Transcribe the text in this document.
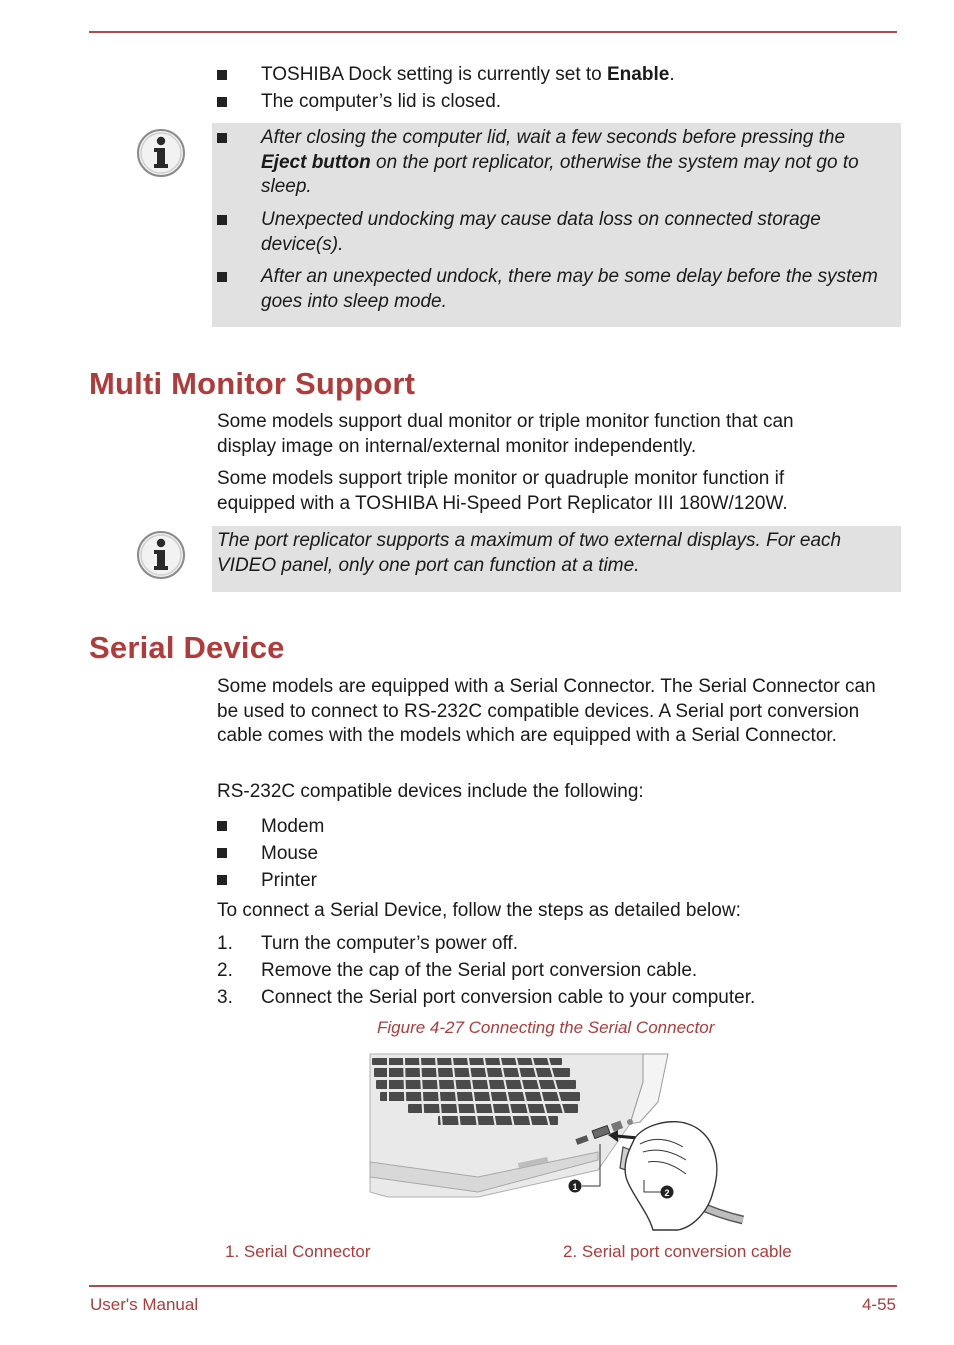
TOSHIBA Dock setting is currently set to Enable.
The computer’s lid is closed.
After closing the computer lid, wait a few seconds before pressing the Eject button on the port replicator, otherwise the system may not go to sleep.
Unexpected undocking may cause data loss on connected storage device(s).
After an unexpected undock, there may be some delay before the system goes into sleep mode.
Multi Monitor Support
Some models support dual monitor or triple monitor function that can display image on internal/external monitor independently.
Some models support triple monitor or quadruple monitor function if equipped with a TOSHIBA Hi-Speed Port Replicator III 180W/120W.
The port replicator supports a maximum of two external displays. For each VIDEO panel, only one port can function at a time.
Serial Device
Some models are equipped with a Serial Connector. The Serial Connector can be used to connect to RS-232C compatible devices. A Serial port conversion cable comes with the models which are equipped with a Serial Connector.
RS-232C compatible devices include the following:
Modem
Mouse
Printer
To connect a Serial Device, follow the steps as detailed below:
1. Turn the computer’s power off.
2. Remove the cap of the Serial port conversion cable.
3. Connect the Serial port conversion cable to your computer.
Figure 4-27 Connecting the Serial Connector
1
2
1. Serial Connector	2. Serial port conversion cable
User's Manual	4-55
